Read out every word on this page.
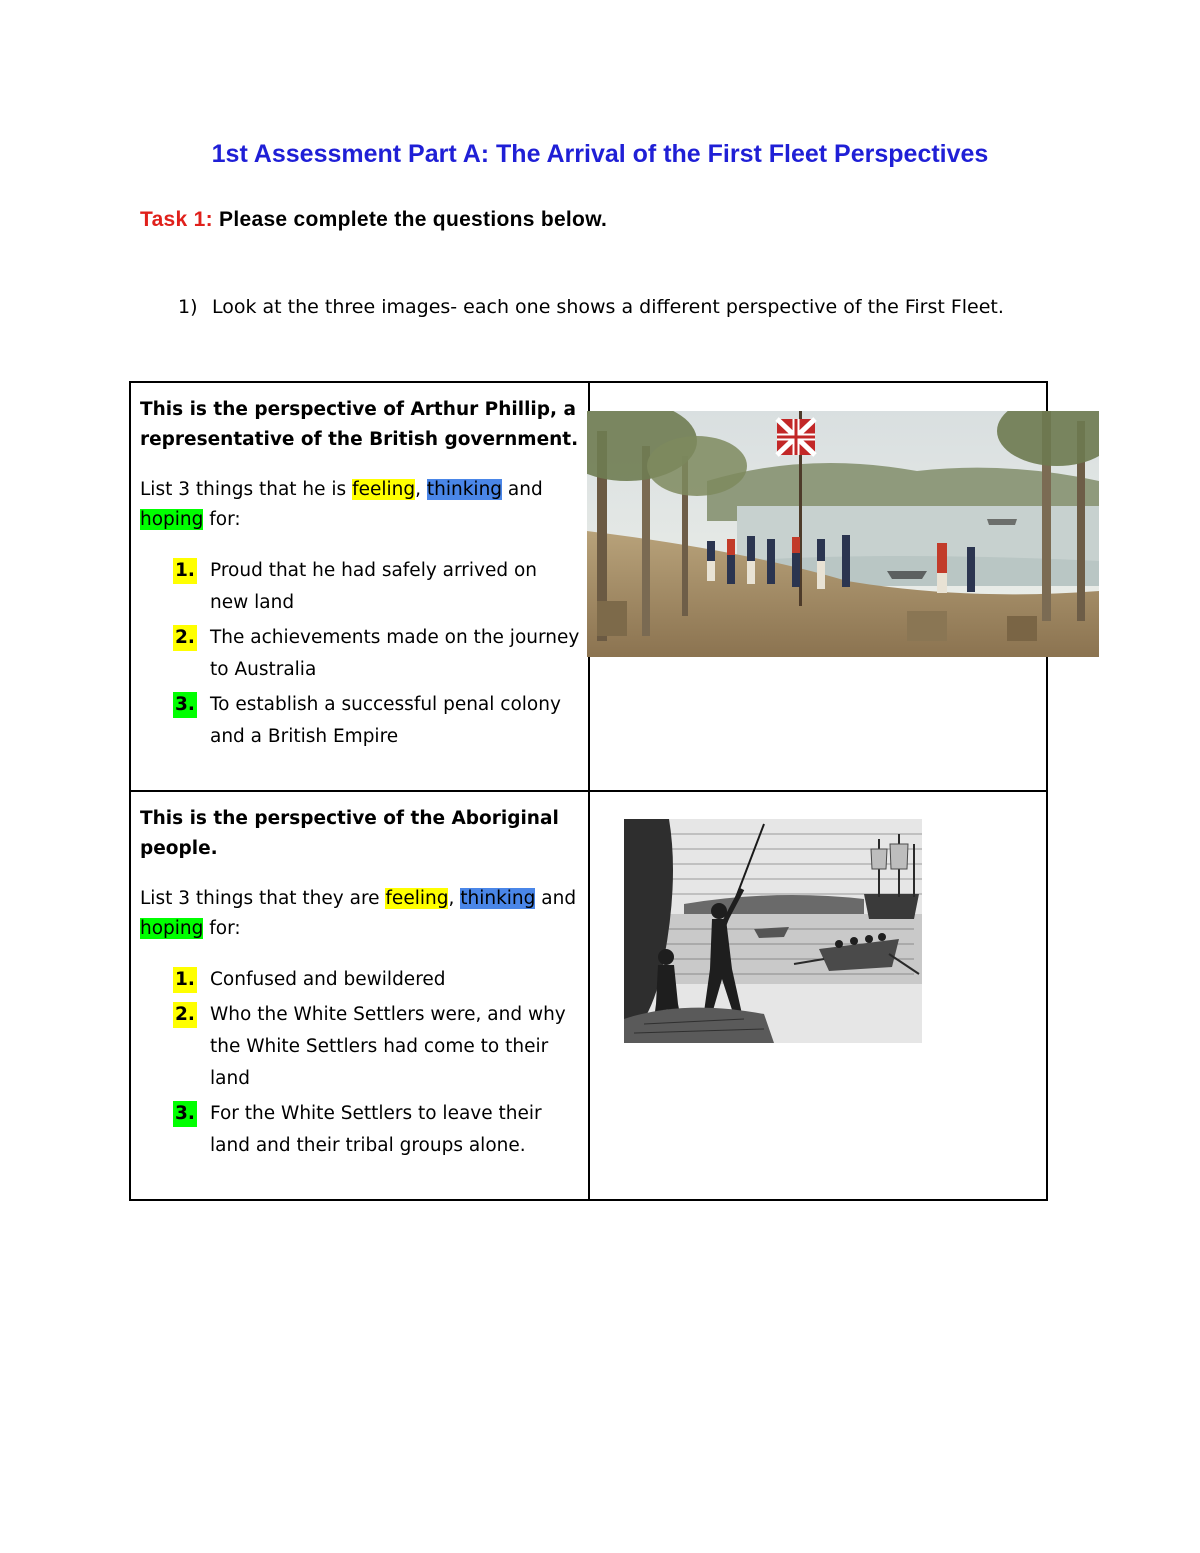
1st Assessment Part A: The Arrival of the First Fleet Perspectives
Task 1: Please complete the questions below.
1) Look at the three images- each one shows a different perspective of the First Fleet.

This is the perspective of Arthur Phillip, a representative of the British government.

List 3 things that he is feeling, thinking and hoping for:

1. Proud that he had safely arrived on new land
2. The achievements made on the journey to Australia
3. To establish a successful penal colony and a British Empire

This is the perspective of the Aboriginal people.

List 3 things that they are feeling, thinking and hoping for:

1. Confused and bewildered
2. Who the White Settlers were, and why the White Settlers had come to their land
3. For the White Settlers to leave their land and their tribal groups alone.
